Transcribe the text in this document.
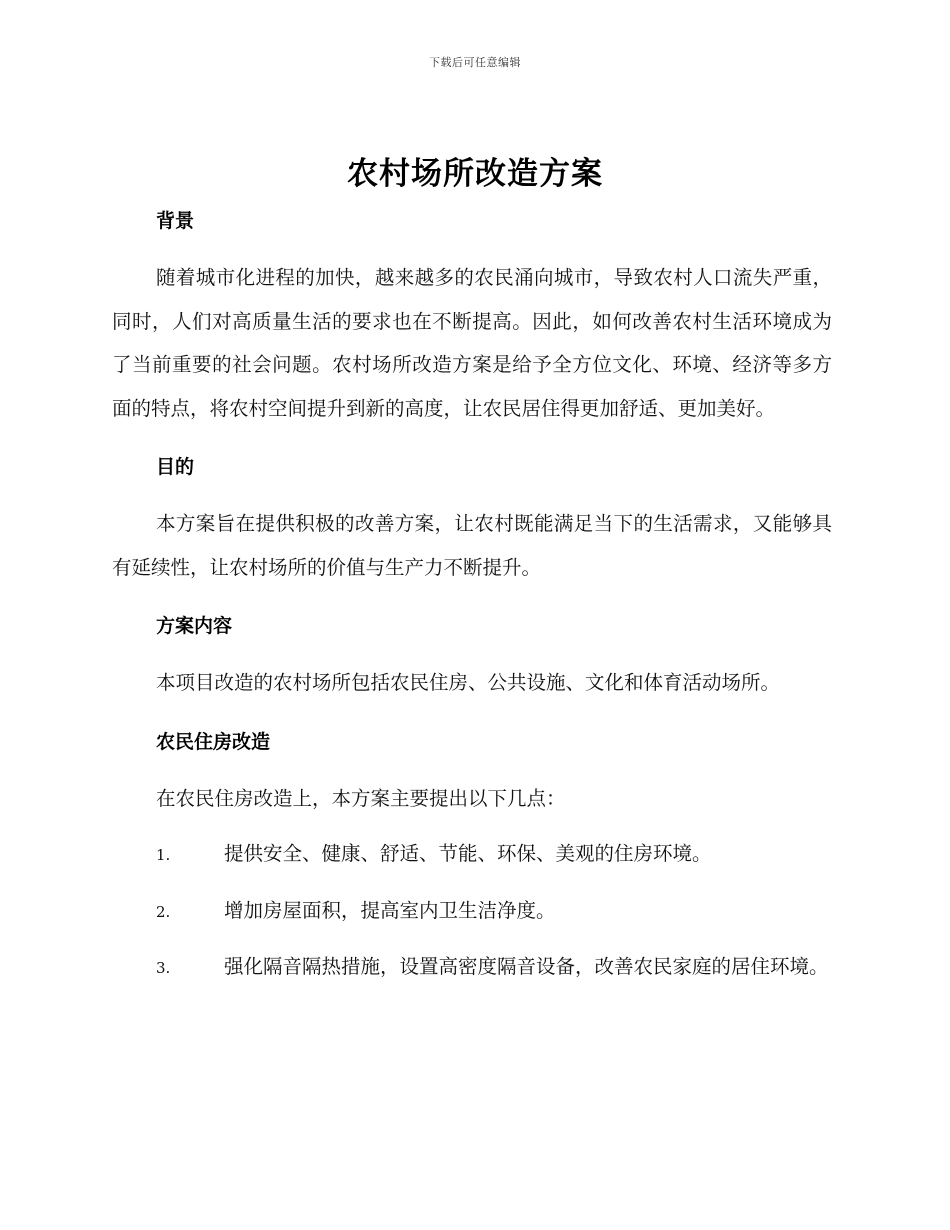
下载后可任意编辑
农村场所改造方案
背景

随着城市化进程的加快，越来越多的农民涌向城市，导致农村人口流失严重，同时，人们对高质量生活的要求也在不断提高。因此，如何改善农村生活环境成为了当前重要的社会问题。农村场所改造方案是给予全方位文化、环境、经济等多方面的特点，将农村空间提升到新的高度，让农民居住得更加舒适、更加美好。

目的

本方案旨在提供积极的改善方案，让农村既能满足当下的生活需求，又能够具有延续性，让农村场所的价值与生产力不断提升。

方案内容

本项目改造的农村场所包括农民住房、公共设施、文化和体育活动场所。

农民住房改造

在农民住房改造上，本方案主要提出以下几点：

1.	提供安全、健康、舒适、节能、环保、美观的住房环境。
2.	增加房屋面积，提高室内卫生洁净度。
3.	强化隔音隔热措施，设置高密度隔音设备，改善农民家庭的居住环境。
